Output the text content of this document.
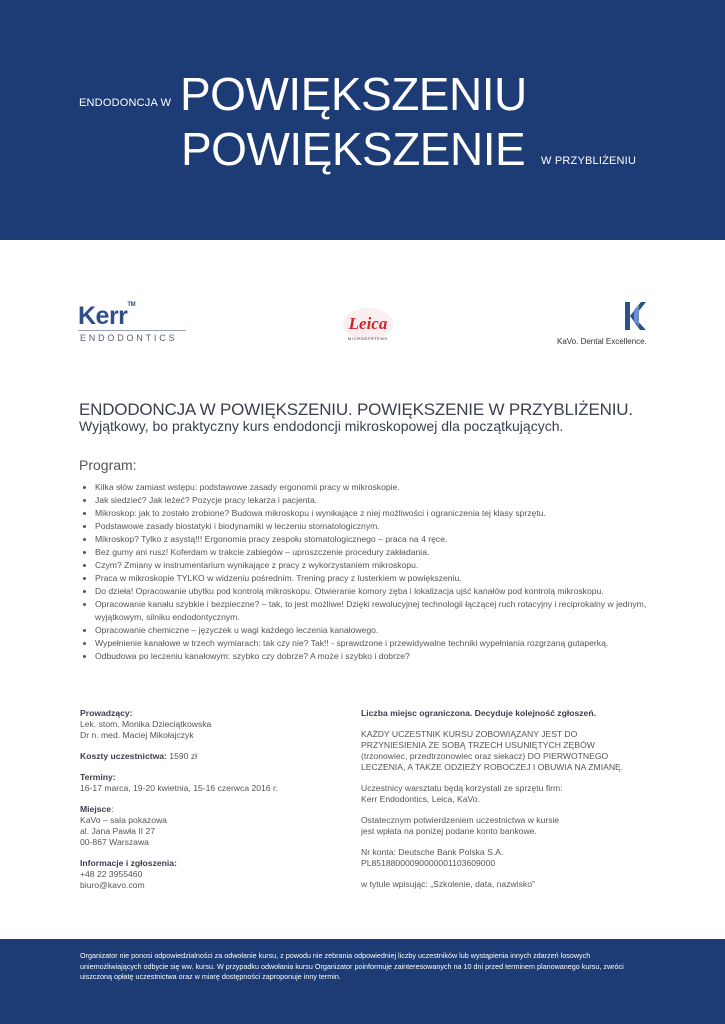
ENDODONCJA W POWIĘKSZENIU
POWIĘKSZENIE W PRZYBLIŻENIU
Kerr™
ENDODONTICS
Leica
MICROSYSTEMS	KaVo. Dental Excellence.
ENDODONCJA W POWIĘKSZENIU. POWIĘKSZENIE W PRZYBLIŻENIU.
Wyjątkowy, bo praktyczny kurs endodoncji mikroskopowej dla początkujących.
Program:
• Kilka słów zamiast wstępu: podstawowe zasady ergonomii pracy w mikroskopie.
• Jak siedzieć? Jak leżeć? Pozycje pracy lekarza i pacjenta.
• Mikroskop: jak to zostało zrobione? Budowa mikroskopu i wynikające z niej możliwości i ograniczenia tej klasy sprzętu.
• Podstawowe zasady biostatyki i biodynamiki w leczeniu stomatologicznym.
• Mikroskop? Tylko z asystą!!! Ergonomia pracy zespołu stomatologicznego – praca na 4 ręce.
• Bez gumy ani rusz! Koferdam w trakcie zabiegów – uproszczenie procedury zakładania.
• Czym? Zmiany w instrumentarium wynikające z pracy z wykorzystaniem mikroskopu.
• Praca w mikroskopie TYLKO w widzeniu pośrednim. Trening pracy z lusterkiem w powiększeniu.
• Do dzieła! Opracowanie ubytku pod kontrolą mikroskopu. Otwieranie komory zęba i lokalizacja ujść kanałów pod kontrolą mikroskopu.
• Opracowanie kanału szybkie i bezpieczne? – tak, to jest możliwe! Dzięki rewolucyjnej technologii łączącej ruch rotacyjny i reciprokalny w jednym, wyjątkowym, silniku endodontycznym.
• Opracowanie chemiczne – języczek u wagi każdego leczenia kanałowego.
• Wypełnienie kanałowe w trzech wymiarach: tak czy nie? Tak!! - sprawdzone i przewidywalne techniki wypełniania rozgrzaną gutaperką.
• Odbudowa po leczeniu kanałowym: szybko czy dobrze? A może i szybko i dobrze?
Prowadzący:
Lek. stom. Monika Dzieciątkowska
Dr n. med. Maciej Mikołajczyk
Koszty uczestnictwa: 1590 zł
Terminy:
16-17 marca, 19-20 kwietnia, 15-16 czerwca 2016 r.
Miejsce:
KaVo – sala pokazowa
al. Jana Pawła II 27
00-867 Warszawa
Informacje i zgłoszenia:
+48 22 3955460
biuro@kavo.com
Liczba miejsc ograniczona. Decyduje kolejność zgłoszeń.
KAŻDY UCZESTNIK KURSU ZOBOWIĄZANY JEST DO
PRZYNIESIENIA ZE SOBĄ TRZECH USUNIĘTYCH ZĘBÓW
(trzonowiec, przedtrzonowiec oraz siekacz) DO PIERWOTNEGO
LECZENIA, A TAKŻE ODZIEŻY ROBOCZEJ I OBUWIA NA ZMIANĘ.
Uczestnicy warsztatu będą korzystali ze sprzętu firm:
Kerr Endodontics, Leica, KaVo.
Ostatecznym potwierdzeniem uczestnictwa w kursie
jest wpłata na poniżej podane konto bankowe.
Nr konta: Deutsche Bank Polska S.A.
PL85188000090000001103609000
w tytule wpisując: „Szkolenie, data, nazwisko”
Organizator nie ponosi odpowiedzialności za odwołanie kursu, z powodu nie zebrania odpowiedniej liczby uczestników lub wystąpienia innych zdarzeń losowych uniemożliwiających odbycie się ww. kursu. W przypadku odwołania kursu Organizator poinformuje zainteresowanych na 10 dni przed terminem planowanego kursu, zwróci uiszczoną opłatę uczestnictwa oraz w miarę dostępności zaproponuje inny termin.
